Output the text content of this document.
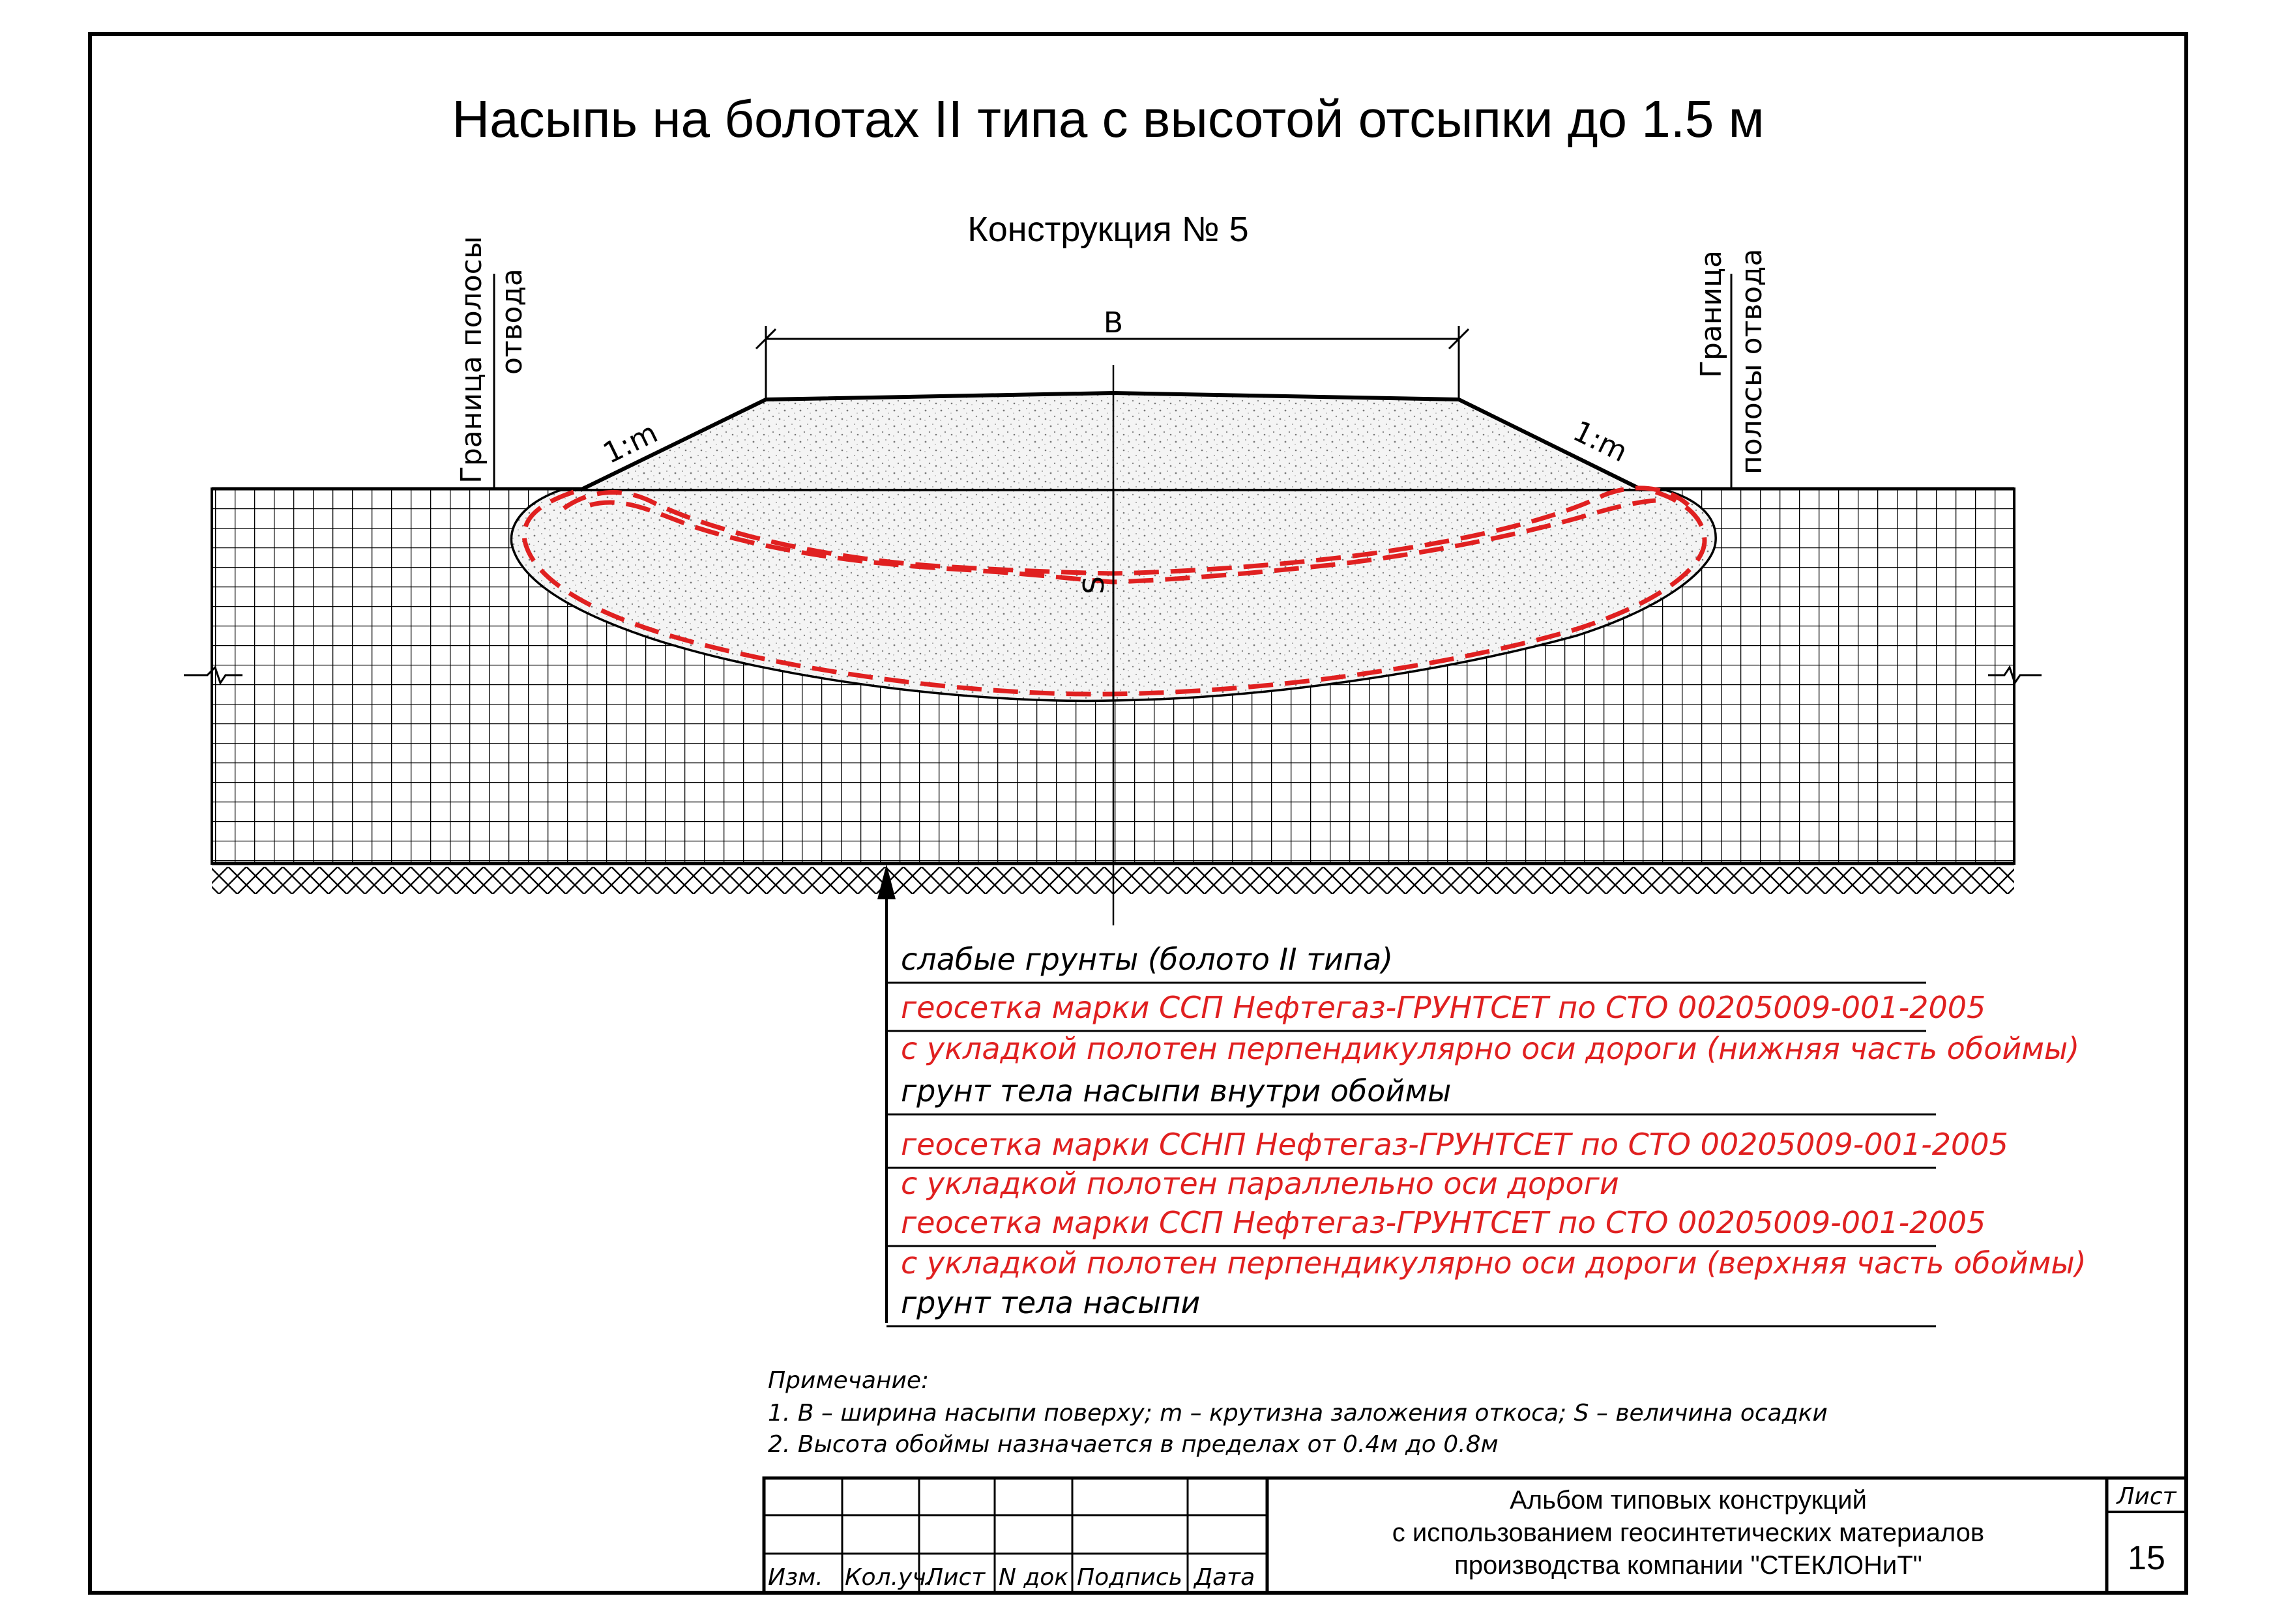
Насыпь на болотах II типа с высотой отсыпки до 1.5 м
Конструкция № 5
S
B
1:m	1:m
Граница полосы отвода	Граница полосы отвода
слабые грунты (болото II типа)
геосетка марки ССП Нефтегаз-ГРУНТСЕТ по СТО 00205009-001-2005
с укладкой полотен перпендикулярно оси дороги (нижняя часть обоймы)
грунт тела насыпи внутри обоймы
геосетка марки ССНП Нефтегаз-ГРУНТСЕТ по СТО 00205009-001-2005
с укладкой полотен параллельно оси дороги
геосетка марки ССП Нефтегаз-ГРУНТСЕТ по СТО 00205009-001-2005
с укладкой полотен перпендикулярно оси дороги (верхняя часть обоймы)
грунт тела насыпи
Примечание:
1. B – ширина насыпи поверху; m – крутизна заложения откоса; S – величина осадки
2. Высота обоймы назначается в пределах от 0.4м до 0.8м
Изм. Кол.уч.
Лист N док Подпись Дата
Альбом типовых конструкций
с использованием геосинтетических материалов
производства компании "СТЕКЛОНиТ"
Лист
15
